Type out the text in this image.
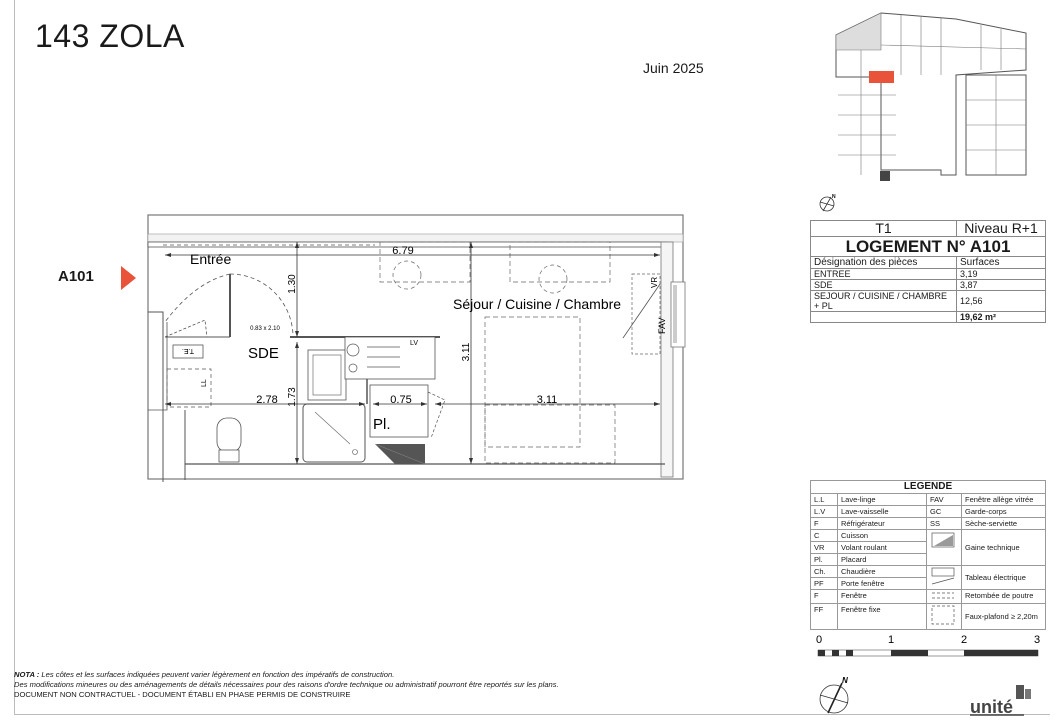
143 ZOLA
Juin 2025
A101
T.E.
LL
LV
VR
FAV
6.79
1.30
0.83 x 2.10
2.78 1.73	0.75	3.11
3.11
Entrée
SDE
Pl.
Séjour / Cuisine / Chambre
N
T1	Niveau R+1
LOGEMENT N° A101	
Désignation des pièces	Surfaces
ENTREE	3,19
SDE	3,87
SEJOUR / CUISINE / CHAMBRE + PL	12,56
	19,62 m²
LEGENDE			
L.L	Lave-linge	FAV	Fenêtre allège vitrée
L.V	Lave-vaisselle	GC	Garde-corps
F	Réfrigérateur	SS	Sèche-serviette
C	Cuisson		Gaine technique
VR	Volant roulant		
Pl.	Placard		
Ch.	Chaudière		Tableau électrique
PF	Porte fenêtre		
F	Fenêtre		Retombée de poutre
FF	Fenêtre fixe		Faux-plafond ≥ 2,20m
0	1	2	3
N
NOTA : Les côtes et les surfaces indiquées peuvent varier légèrement en fonction des impératifs de construction.
Des modifications mineures ou des aménagements de détails nécessaires pour des raisons d'ordre technique ou administratif pourront être reportés sur les plans.
DOCUMENT NON CONTRACTUEL - DOCUMENT ÉTABLI EN PHASE PERMIS DE CONSTRUIRE
unité
